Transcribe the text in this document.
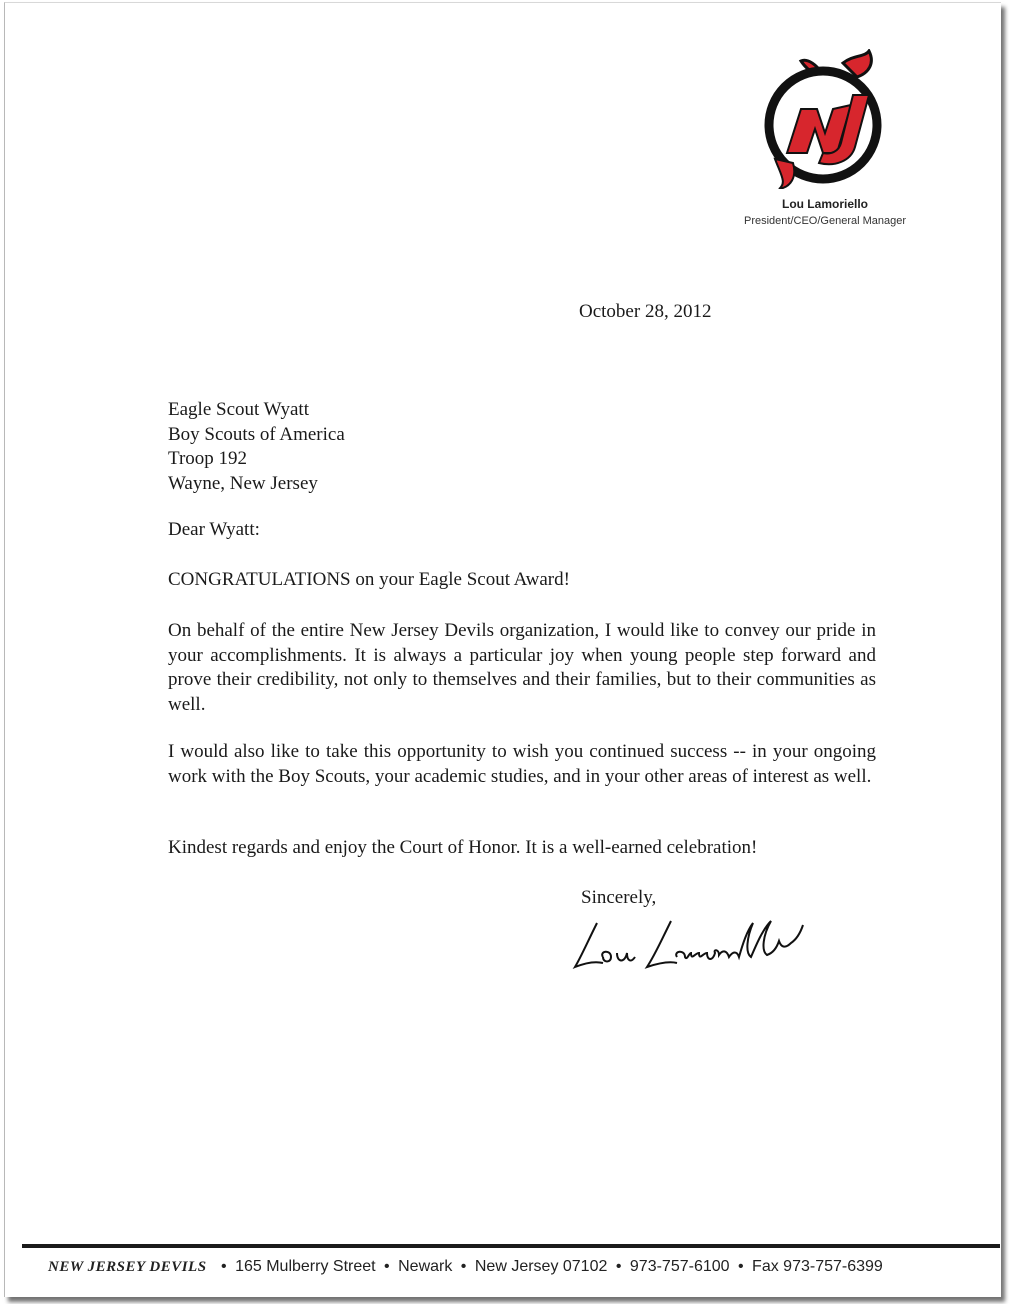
Lou Lamoriello
President/CEO/General Manager
October 28, 2012
Eagle Scout Wyatt
Boy Scouts of America
Troop 192
Wayne, New Jersey
Dear Wyatt:
CONGRATULATIONS on your Eagle Scout Award!
On behalf of the entire New Jersey Devils organization, I would like to convey our pride in your accomplishments. It is always a particular joy when young people step forward and prove their credibility, not only to themselves and their families, but to their communities as well.
I would also like to take this opportunity to wish you continued success -- in your ongoing work with the Boy Scouts, your academic studies, and in your other areas of interest as well.
Kindest regards and enjoy the Court of Honor. It is a well-earned celebration!
Sincerely,
NEW JERSEY DEVILS • 165 Mulberry Street • Newark • New Jersey 07102 • 973-757-6100 • Fax 973-757-6399
